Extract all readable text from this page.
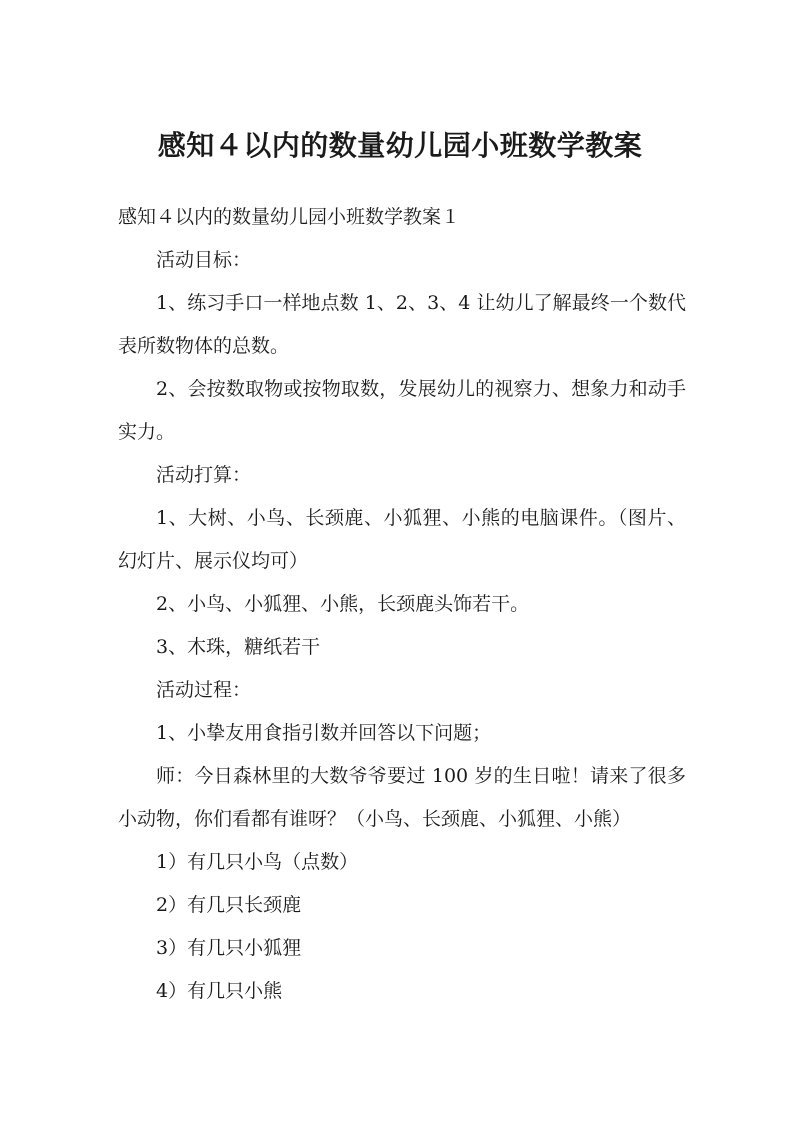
感知４以内的数量幼儿园小班数学教案

感知４以内的数量幼儿园小班数学教案１

活动目标：

1、练习手口一样地点数 1、2、3、4 让幼儿了解最终一个数代表所数物体的总数。

2、会按数取物或按物取数，发展幼儿的视察力、想象力和动手实力。

活动打算：

1、大树、小鸟、长颈鹿、小狐狸、小熊的电脑课件。（图片、幻灯片、展示仪均可）

2、小鸟、小狐狸、小熊，长颈鹿头饰若干。

3、木珠，糖纸若干

活动过程：

1、小挚友用食指引数并回答以下问题；

师：今日森林里的大数爷爷要过 100 岁的生日啦！请来了很多小动物，你们看都有谁呀？（小鸟、长颈鹿、小狐狸、小熊）

1）有几只小鸟（点数）

2）有几只长颈鹿

3）有几只小狐狸

4）有几只小熊
